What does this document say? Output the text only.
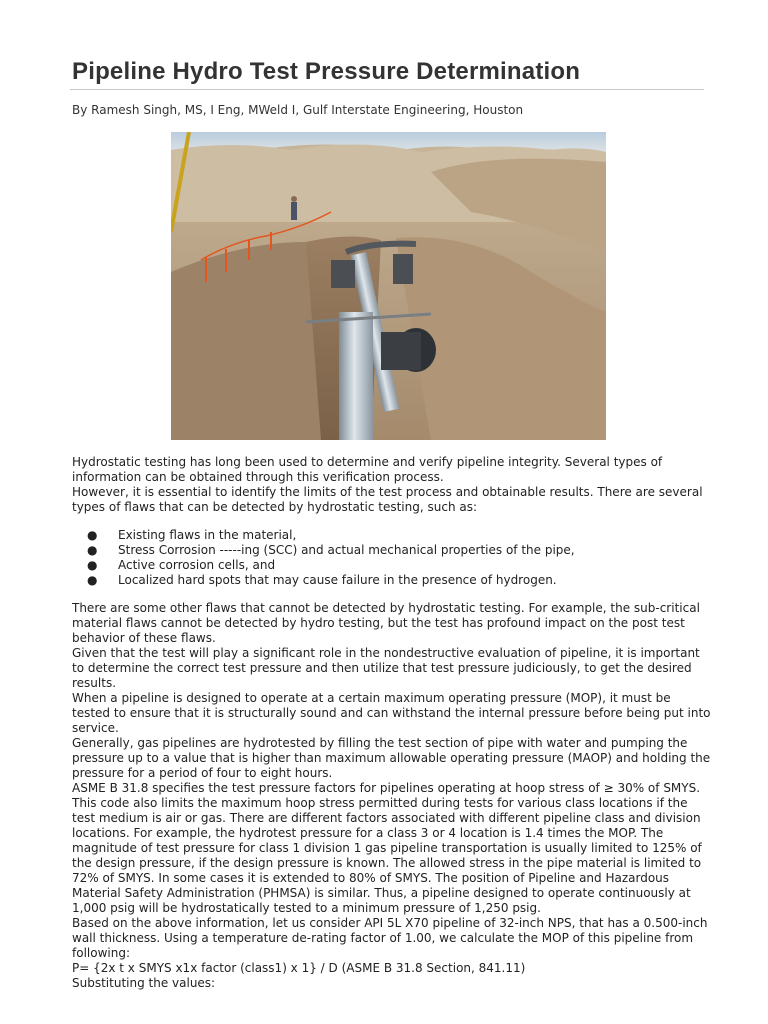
Pipeline Hydro Test Pressure Determination
By Ramesh Singh, MS, I Eng, MWeld I, Gulf Interstate Engineering, Houston

Hydrostatic testing has long been used to determine and verify pipeline integrity. Several types of information can be obtained through this verification process.

However, it is essential to identify the limits of the test process and obtainable results. There are several types of flaws that can be detected by hydrostatic testing, such as:

● Existing flaws in the material,
● Stress Corrosion -----ing (SCC) and actual mechanical properties of the pipe,
● Active corrosion cells, and
● Localized hard spots that may cause failure in the presence of hydrogen.

There are some other flaws that cannot be detected by hydrostatic testing. For example, the sub-critical material flaws cannot be detected by hydro testing, but the test has profound impact on the post test behavior of these flaws.

Given that the test will play a significant role in the nondestructive evaluation of pipeline, it is important to determine the correct test pressure and then utilize that test pressure judiciously, to get the desired results.

When a pipeline is designed to operate at a certain maximum operating pressure (MOP), it must be tested to ensure that it is structurally sound and can withstand the internal pressure before being put into service.

Generally, gas pipelines are hydrotested by filling the test section of pipe with water and pumping the pressure up to a value that is higher than maximum allowable operating pressure (MAOP) and holding the pressure for a period of four to eight hours.

ASME B 31.8 specifies the test pressure factors for pipelines operating at hoop stress of ≥ 30% of SMYS. This code also limits the maximum hoop stress permitted during tests for various class locations if the test medium is air or gas. There are different factors associated with different pipeline class and division locations. For example, the hydrotest pressure for a class 3 or 4 location is 1.4 times the MOP. The magnitude of test pressure for class 1 division 1 gas pipeline transportation is usually limited to 125% of the design pressure, if the design pressure is known. The allowed stress in the pipe material is limited to 72% of SMYS. In some cases it is extended to 80% of SMYS. The position of Pipeline and Hazardous Material Safety Administration (PHMSA) is similar. Thus, a pipeline designed to operate continuously at 1,000 psig will be hydrostatically tested to a minimum pressure of 1,250 psig.

Based on the above information, let us consider API 5L X70 pipeline of 32-inch NPS, that has a 0.500-inch wall thickness. Using a temperature de-rating factor of 1.00, we calculate the MOP of this pipeline from following:

P= {2x t x SMYS x1x factor (class1) x 1} / D (ASME B 31.8 Section, 841.11)

Substituting the values:
